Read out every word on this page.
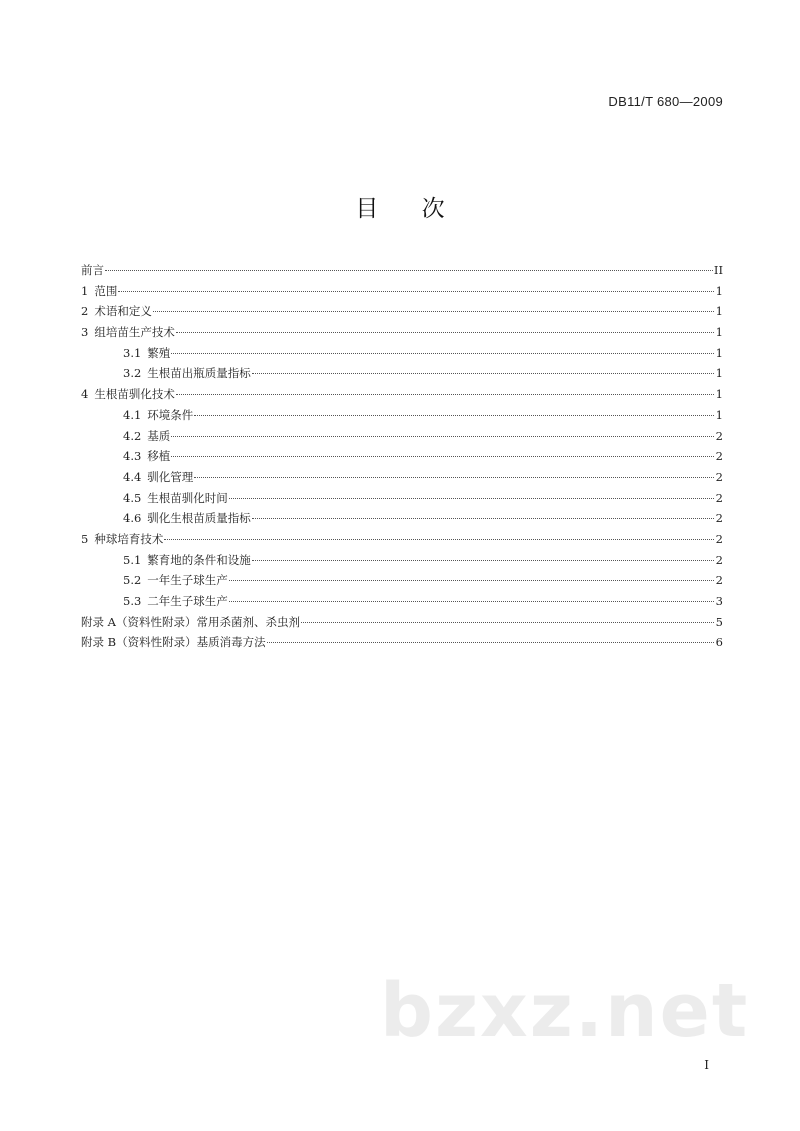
DB11/T 680—2009
目 次
前言	II
1 范围	1
2 术语和定义	1
3 组培苗生产技术	1
3.1 繁殖	1
3.2 生根苗出瓶质量指标	1
4 生根苗驯化技术	1
4.1 环境条件	1
4.2 基质	2
4.3 移植	2
4.4 驯化管理	2
4.5 生根苗驯化时间	2
4.6 驯化生根苗质量指标	2
5 种球培育技术	2
5.1 繁育地的条件和设施	2
5.2 一年生子球生产	2
5.3 二年生子球生产	3
附录 A（资料性附录）常用杀菌剂、杀虫剂	5
附录 B（资料性附录）基质消毒方法	6
bzxz.net
I
